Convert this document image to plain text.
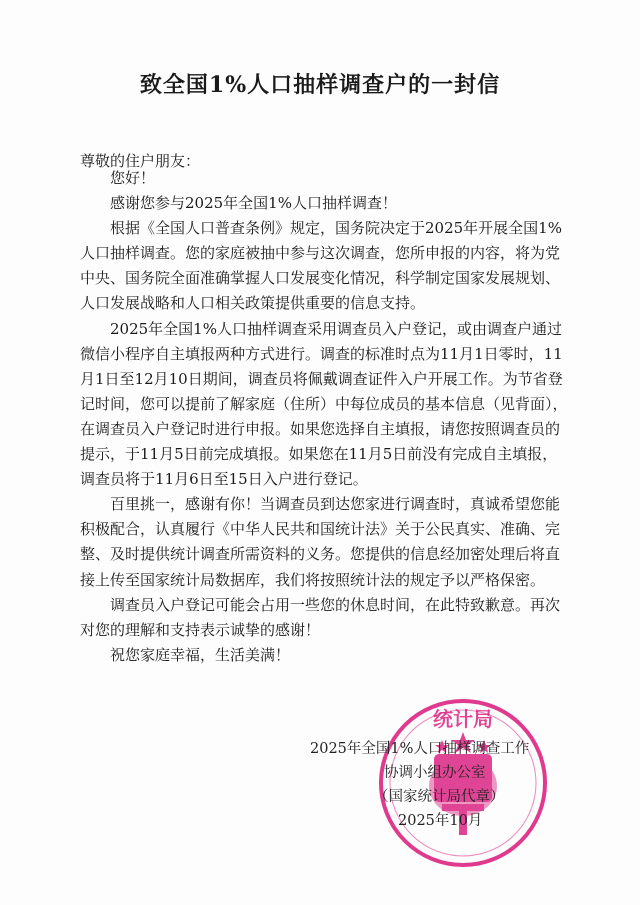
致全国1%人口抽样调查户的一封信
尊敬的住户朋友：

您好！

感谢您参与2025年全国1%人口抽样调查！

根据《全国人口普查条例》规定，国务院决定于2025年开展全国1%人口抽样调查。您的家庭被抽中参与这次调查，您所申报的内容，将为党中央、国务院全面准确掌握人口发展变化情况，科学制定国家发展规划、人口发展战略和人口相关政策提供重要的信息支持。

2025年全国1%人口抽样调查采用调查员入户登记，或由调查户通过微信小程序自主填报两种方式进行。调查的标准时点为11月1日零时，11月1日至12月10日期间，调查员将佩戴调查证件入户开展工作。为节省登记时间，您可以提前了解家庭（住所）中每位成员的基本信息（见背面），在调查员入户登记时进行申报。如果您选择自主填报，请您按照调查员的提示，于11月5日前完成填报。如果您在11月5日前没有完成自主填报，调查员将于11月6日至15日入户进行登记。

百里挑一，感谢有你！当调查员到达您家进行调查时，真诚希望您能积极配合，认真履行《中华人民共和国统计法》关于公民真实、准确、完整、及时提供统计调查所需资料的义务。您提供的信息经加密处理后将直接上传至国家统计局数据库，我们将按照统计法的规定予以严格保密。

调查员入户登记可能会占用一些您的休息时间，在此特致歉意。再次对您的理解和支持表示诚挚的感谢！

祝您家庭幸福，生活美满！

统计局
2025年全国1%人口抽样调查工作
协调小组办公室
（国家统计局代章）
2025年10月
